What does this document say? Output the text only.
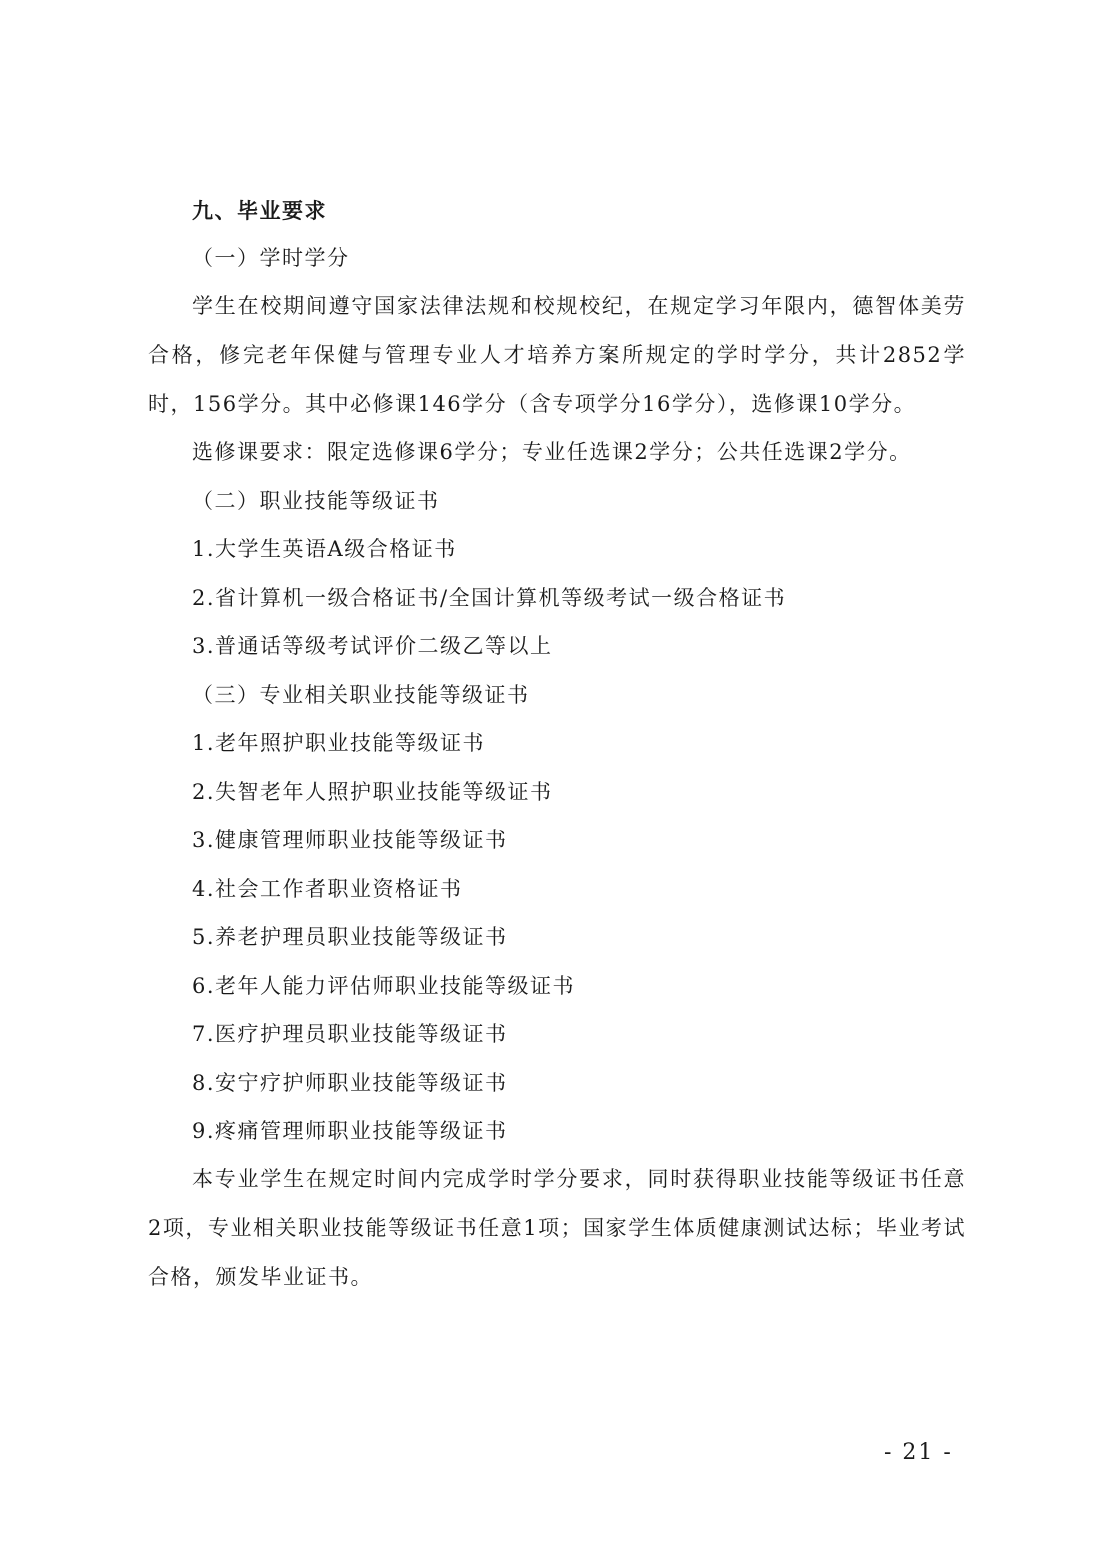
九、毕业要求
（一）学时学分

学生在校期间遵守国家法律法规和校规校纪，在规定学习年限内，德智体美劳合格，修完老年保健与管理专业人才培养方案所规定的学时学分，共计2852学时，156学分。其中必修课146学分（含专项学分16学分），选修课10学分。

选修课要求：限定选修课6学分；专业任选课2学分；公共任选课2学分。
（二）职业技能等级证书
1.大学生英语A级合格证书
2.省计算机一级合格证书/全国计算机等级考试一级合格证书
3.普通话等级考试评价二级乙等以上
（三）专业相关职业技能等级证书
1.老年照护职业技能等级证书
2.失智老年人照护职业技能等级证书
3.健康管理师职业技能等级证书
4.社会工作者职业资格证书
5.养老护理员职业技能等级证书
6.老年人能力评估师职业技能等级证书
7.医疗护理员职业技能等级证书
8.安宁疗护师职业技能等级证书
9.疼痛管理师职业技能等级证书

本专业学生在规定时间内完成学时学分要求，同时获得职业技能等级证书任意2项，专业相关职业技能等级证书任意1项；国家学生体质健康测试达标；毕业考试合格，颁发毕业证书。

- 21 -
